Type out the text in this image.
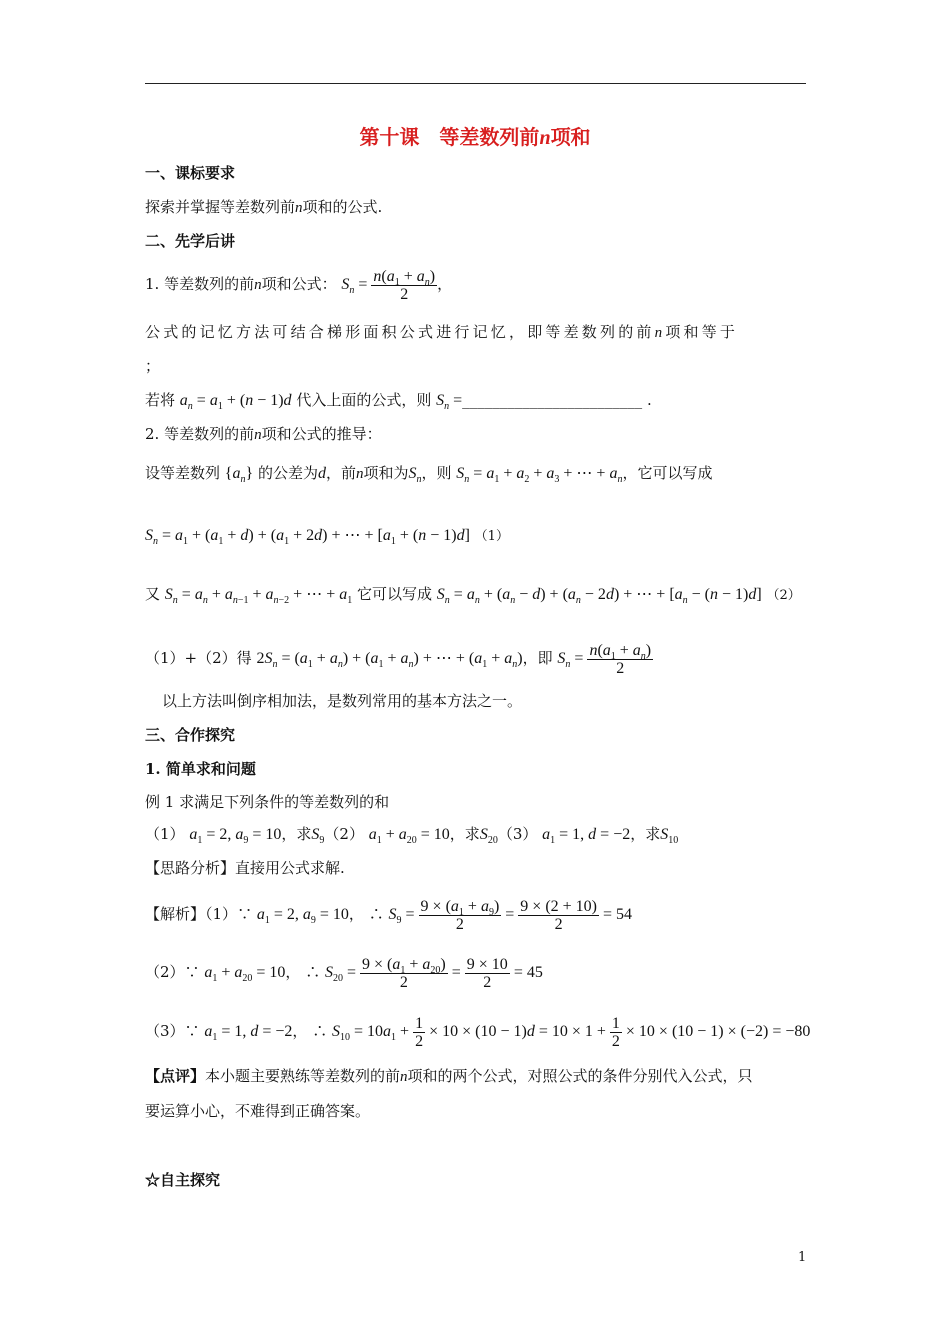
第十课　等差数列前n项和
一、课标要求
探索并掌握等差数列前n项和的公式.
二、先学后讲
1. 等差数列的前n项和公式： $S_n = \frac{n(a_1 + a_n)}{2}$ ，
公式的记忆方法可结合梯形面积公式进行记忆，即等差数列的前n项和等于
；
若将 $a_n = a_1 + (n - 1)d$ 代入上面的公式，则 $S_n$ =________________________ .
2. 等差数列的前n项和公式的推导：
设等差数列 $\{a_n\}$ 的公差为d，前n项和为$S_n$，则 $S_n = a_1 + a_2 + a_3$ + ⋯ + $a_n$，它可以写成
$S_n = a_1 + (a_1 + d) + (a_1 + 2d)$ + ⋯ + $[a_1 + (n - 1)d]$ （1）
又 $S_n = a_n + a_{n-1} + a_{n-2}$ + ⋯ + $a_1$ 它可以写成 $S_n = a_n + (a_n - d) + (a_n - 2d)$ + ⋯ + $[a_n - (n - 1)d]$ （2）
（1）+（2）得 $2S_n = (a_1 + a_n) + (a_1 + a_n)$ + ⋯ + $(a_1 + a_n)$，即 $S_n = \frac{n(a_1 + a_n)}{2}$
以上方法叫倒序相加法，是数列常用的基本方法之一。
三、合作探究
1. 简单求和问题
例 1 求满足下列条件的等差数列的和
（1） $a_1 = 2$, $a_9 = 10$，求$S_9(2) a_1 + a_{20} = 10$，求$S_{20}(3) a_1 = 1$, d = −2，求$S_{10}$
【思路分析】直接用公式求解.
【解析】（1）∵ $a_1 = 2$, $a_9 = 10$， ∴ $S_9 = \frac{9 \times (a_1 + a_9)}{2} = \frac{9 \times (2 + 10)}{2} = 54$
（2）∵ $a_1 + a_{20} = 10$， ∴ $S_{20} = \frac{9 \times (a_1 + a_{20})}{2} = \frac{9 \times 10}{2} = 45$
（3）∵ $a_1 = 1$, d = −2， ∴ $S_{10} = 10a_1 + \frac{1}{2} \times 10 \times (10 - 1)d = 10 \times 1 + \frac{1}{2} \times 10 \times (10 - 1) \times (-2) = -80$
【点评】本小题主要熟练等差数列的前n项和的两个公式，对照公式的条件分别代入公式，只
要运算小心，不难得到正确答案。
☆自主探究
1
